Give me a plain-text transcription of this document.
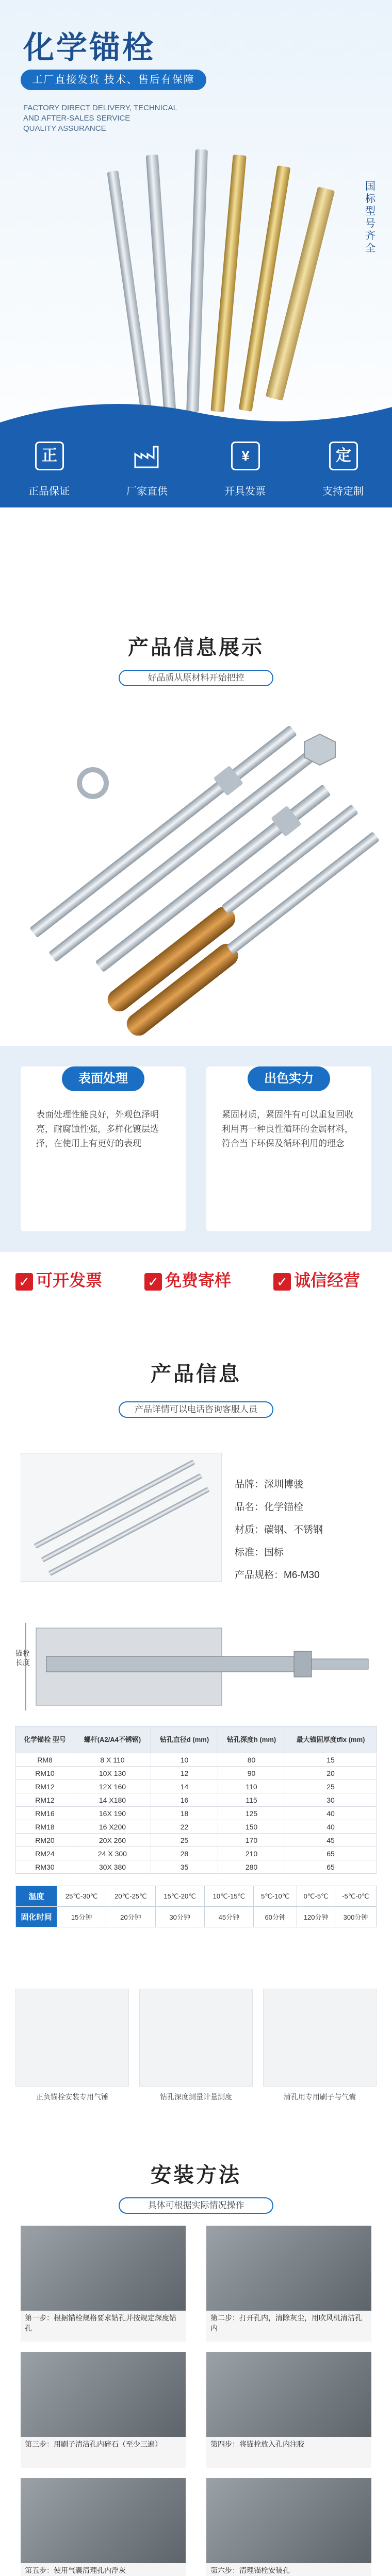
化学锚栓
工厂直接发货 技术、售后有保障
FACTORY DIRECT DELIVERY, TECHNICAL
AND AFTER-SALES SERVICE
QUALITY ASSURANCE
国标 型号齐全
正
正品保证	厂家直供
¥
开具发票
定
支持定制
产品信息展示
好品质从原材料开始把控
表面处理
表面处理性能良好，外观色泽明亮，耐腐蚀性强，多样化镀层选择，在使用上有更好的表现
出色实力
紧固材质，紧固件有可以重复回收利用再一种良性循环的金属材料，符合当下环保及循环利用的理念
✓ 可开发票	✓ 免费寄样	✓ 诚信经营
产品信息
产品详情可以电话咨询客服人员
品牌：深圳博骏
品名：化学锚栓
材质：碳钢、不锈钢
标准：国标
产品规格：M6-M30
锚栓长度
化学锚栓 型号	螺杆(A2/A4不锈钢)	钻孔直径d (mm)	钻孔深度h (mm)	最大锚固厚度tfix (mm)
RM8	8 X 110	10	80	15
RM10	10X 130	12	90	20
RM12	12X 160	14	110	25
RM12	14 X180	16	115	30
RM16	16X 190	18	125	40
RM18	16 X200	22	150	40
RM20	20X 260	25	170	45
RM24	24 X 300	28	210	65
RM30	30X 380	35	280	65
温度	25℃-30℃	20℃-25℃	15℃-20℃	10℃-15℃	5℃-10℃	0℃-5℃	-5℃-0℃
固化时间	15分钟	20分钟	30分钟	45分钟	60分钟	120分钟	300分钟
正负锚栓安装专用气锤	钻孔深度测量计量测度	清孔用专用刷子与气囊
安装方法
具体可根据实际情况操作
第一步：根据锚栓规格要求钻孔并按规定深度钻孔
第二步：打开孔内，清除灰尘，用吹风机清洁孔内
第三步：用刷子清洁孔内碎石（至少三遍）	第四步：将锚栓放入孔内注胶
第五步：使用气囊清理孔内浮灰	第六步：清理锚栓安装孔
